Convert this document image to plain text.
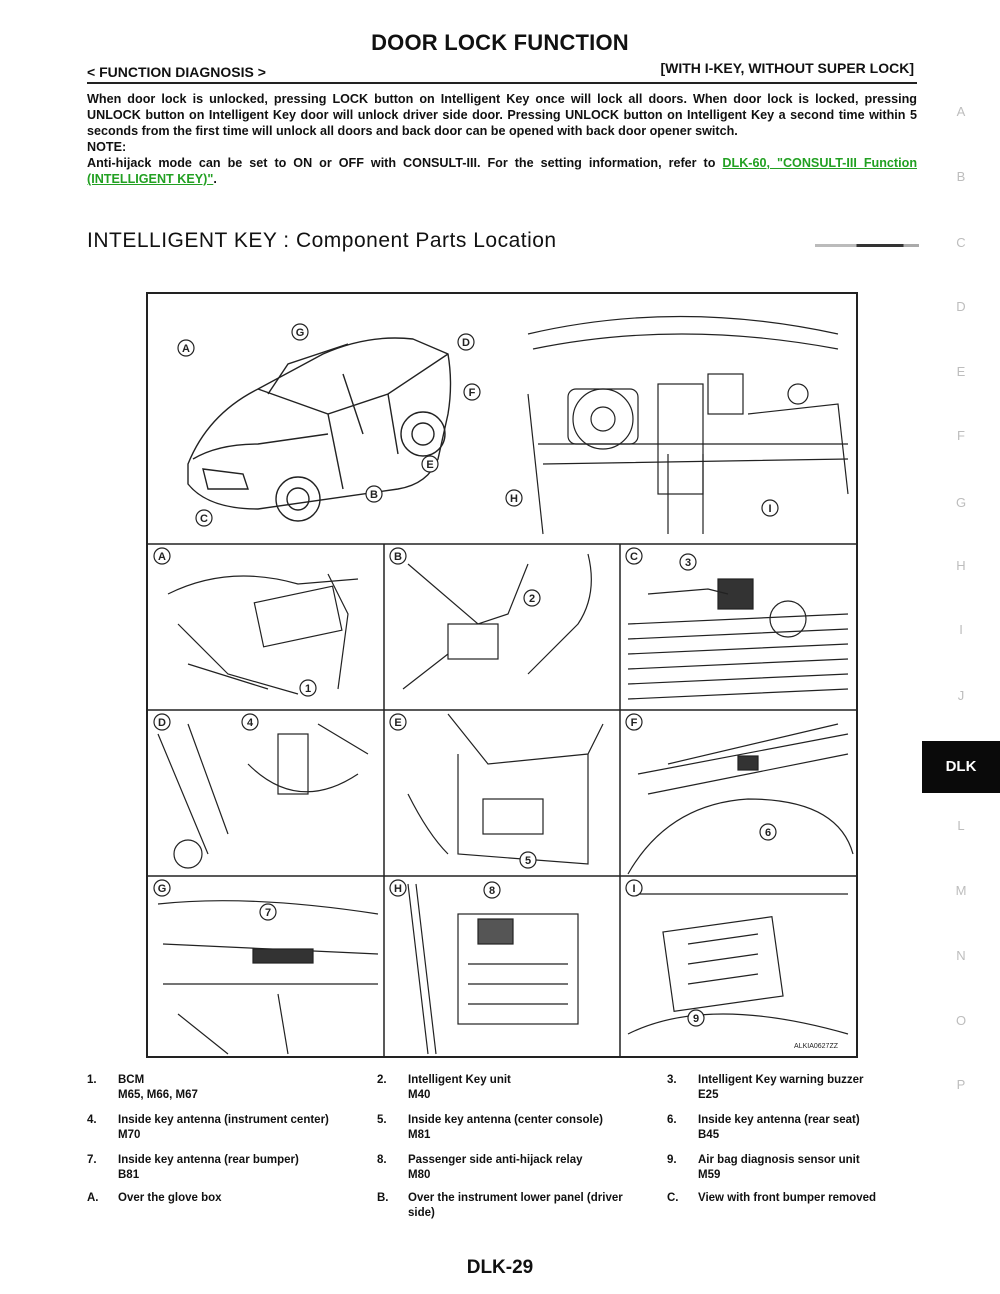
DOOR LOCK FUNCTION
< FUNCTION DIAGNOSIS >	[WITH I-KEY, WITHOUT SUPER LOCK]

When door lock is unlocked, pressing LOCK button on Intelligent Key once will lock all doors. When door lock is locked, pressing UNLOCK button on Intelligent Key door will unlock driver side door. Pressing UNLOCK button on Intelligent Key a second time within 5 seconds from the first time will unlock all doors and back door can be opened with back door opener switch.

NOTE:

Anti-hijack mode can be set to ON or OFF with CONSULT-III. For the setting information, refer to DLK-60, "CONSULT-III Function (INTELLIGENT KEY)".

INTELLIGENT KEY : Component Parts Location
A	B	C
D	E	F
G	H	I
A
B
C
D
E
F
G
H
I
1
2
3
4
5
6
7
8
9
ALKIA0627ZZ
1. BCM
M65, M66, M67
2. Intelligent Key unit
M40
3. Intelligent Key warning buzzer
E25
4. Inside key antenna (instrument center)
M70
5. Inside key antenna (center console)
M81
6. Inside key antenna (rear seat)
B45
7. Inside key antenna (rear bumper)
B81
8. Passenger side anti-hijack relay
M80
9. Air bag diagnosis sensor unit
M59
A. Over the glove box	B. Over the instrument lower panel (driver side)
C. View with front bumper removed
A
B
C
D
E
F
G
H
I
J
DLK
L
M
N
O
P
DLK-29
